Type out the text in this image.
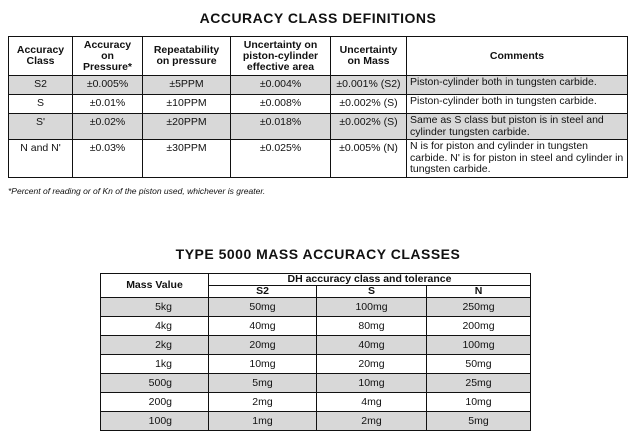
ACCURACY CLASS DEFINITIONS
Accuracy Class	Accuracy on Pressure*	Repeatability on pressure	Uncertainty on piston-cylinder effective area	Uncertainty on Mass	Comments
S2	±0.005%	±5PPM	±0.004%	±0.001% (S2)	Piston-cylinder both in tungsten carbide.
S	±0.01%	±10PPM	±0.008%	±0.002% (S)	Piston-cylinder both in tungsten carbide.
S'	±0.02%	±20PPM	±0.018%	±0.002% (S)	Same as S class but piston is in steel and cylinder tungsten carbide.
N and N'	±0.03%	±30PPM	±0.025%	±0.005% (N)	N is for piston and cylinder in tungsten carbide. N' is for piston in steel and cylinder in tungsten carbide.
*Percent of reading or of Kn of the piston used, whichever is greater.
TYPE 5000 MASS ACCURACY CLASSES
Mass Value	DH accuracy class and tolerance		
	S2	S	N
5kg	50mg	100mg	250mg
4kg	40mg	80mg	200mg
2kg	20mg	40mg	100mg
1kg	10mg	20mg	50mg
500g	5mg	10mg	25mg
200g	2mg	4mg	10mg
100g	1mg	2mg	5mg
